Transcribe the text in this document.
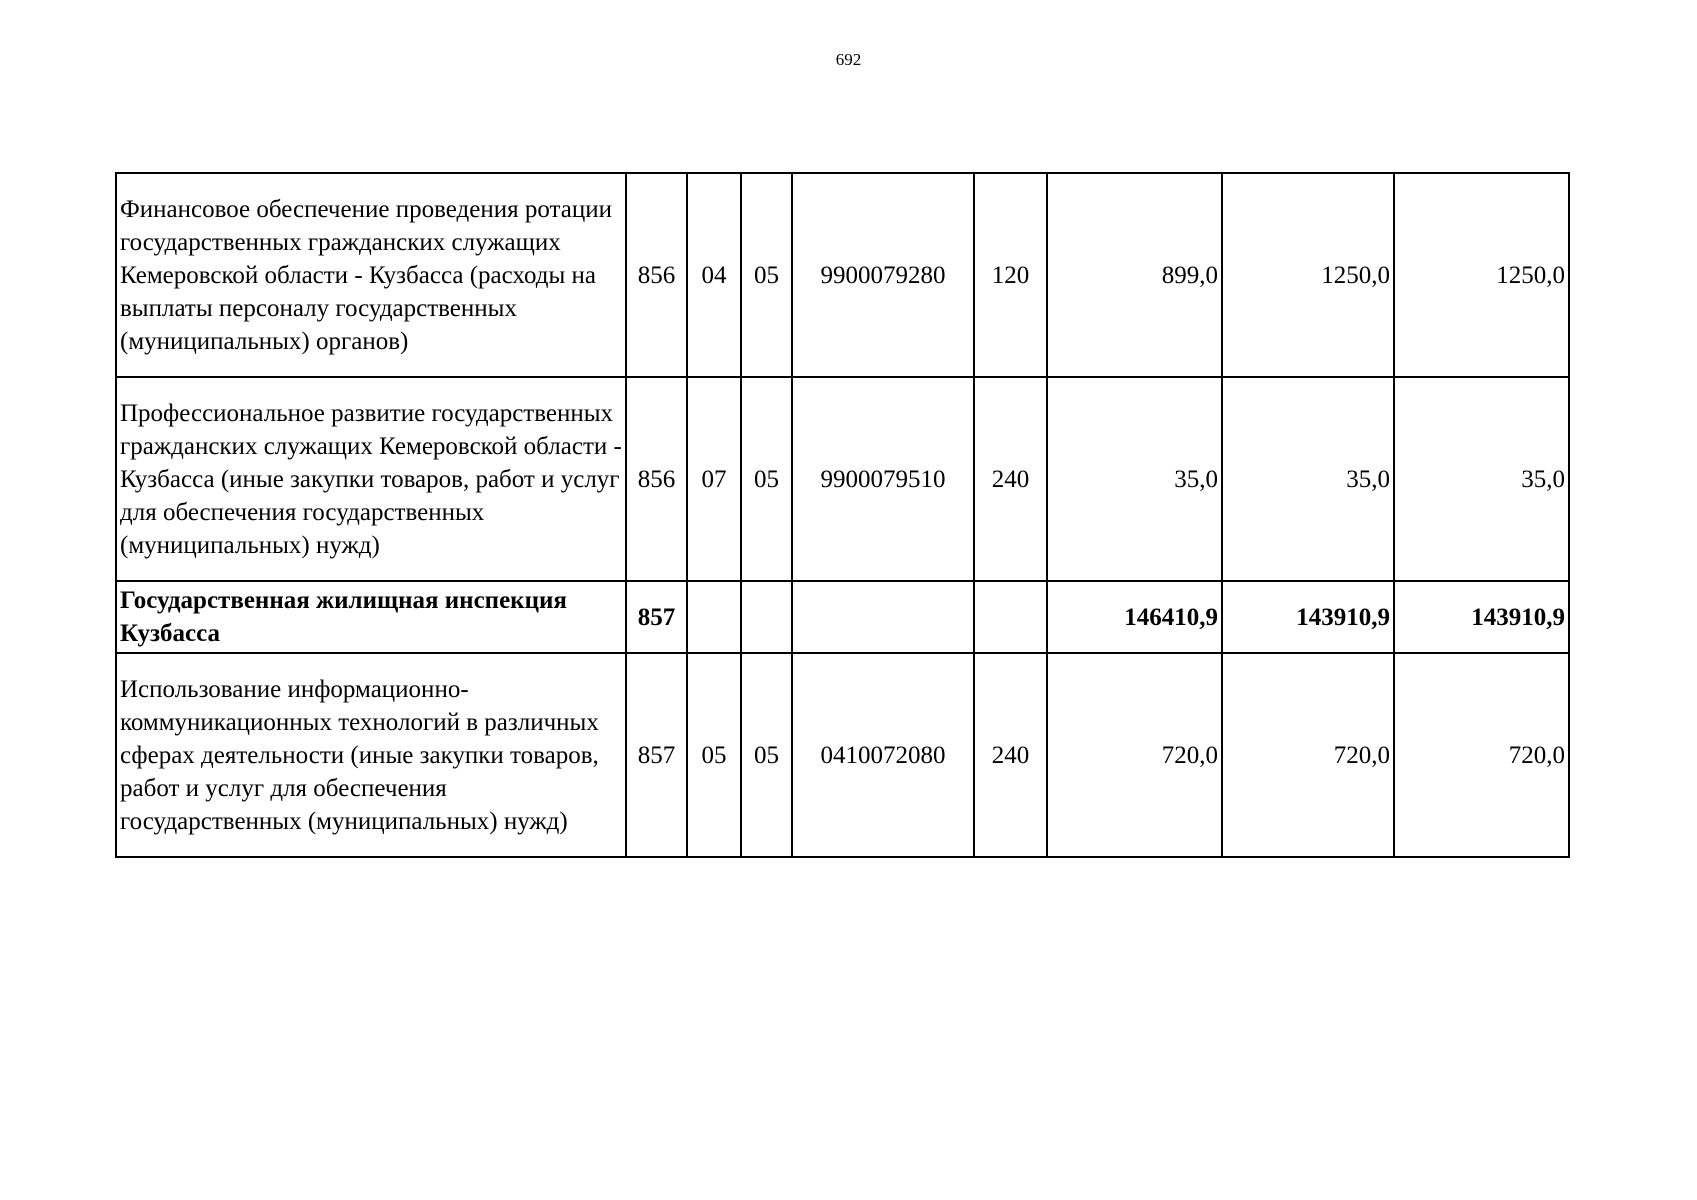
692
Финансовое обеспечение проведения ротации государственных гражданских служащих Кемеровской области - Кузбасса (расходы на выплаты персоналу государственных (муниципальных) органов)	856	04	05	9900079280	120	899,0	1250,0	1250,0
Профессиональное развитие государственных гражданских служащих Кемеровской области - Кузбасса (иные закупки товаров, работ и услуг для обеспечения государственных (муниципальных) нужд)	856	07	05	9900079510	240	35,0	35,0	35,0
Государственная жилищная инспекция Кузбасса	857					146410,9	143910,9	143910,9
Использование информационно-коммуникационных технологий в различных сферах деятельности (иные закупки товаров, работ и услуг для обеспечения государственных (муниципальных) нужд)	857	05	05	0410072080	240	720,0	720,0	720,0
